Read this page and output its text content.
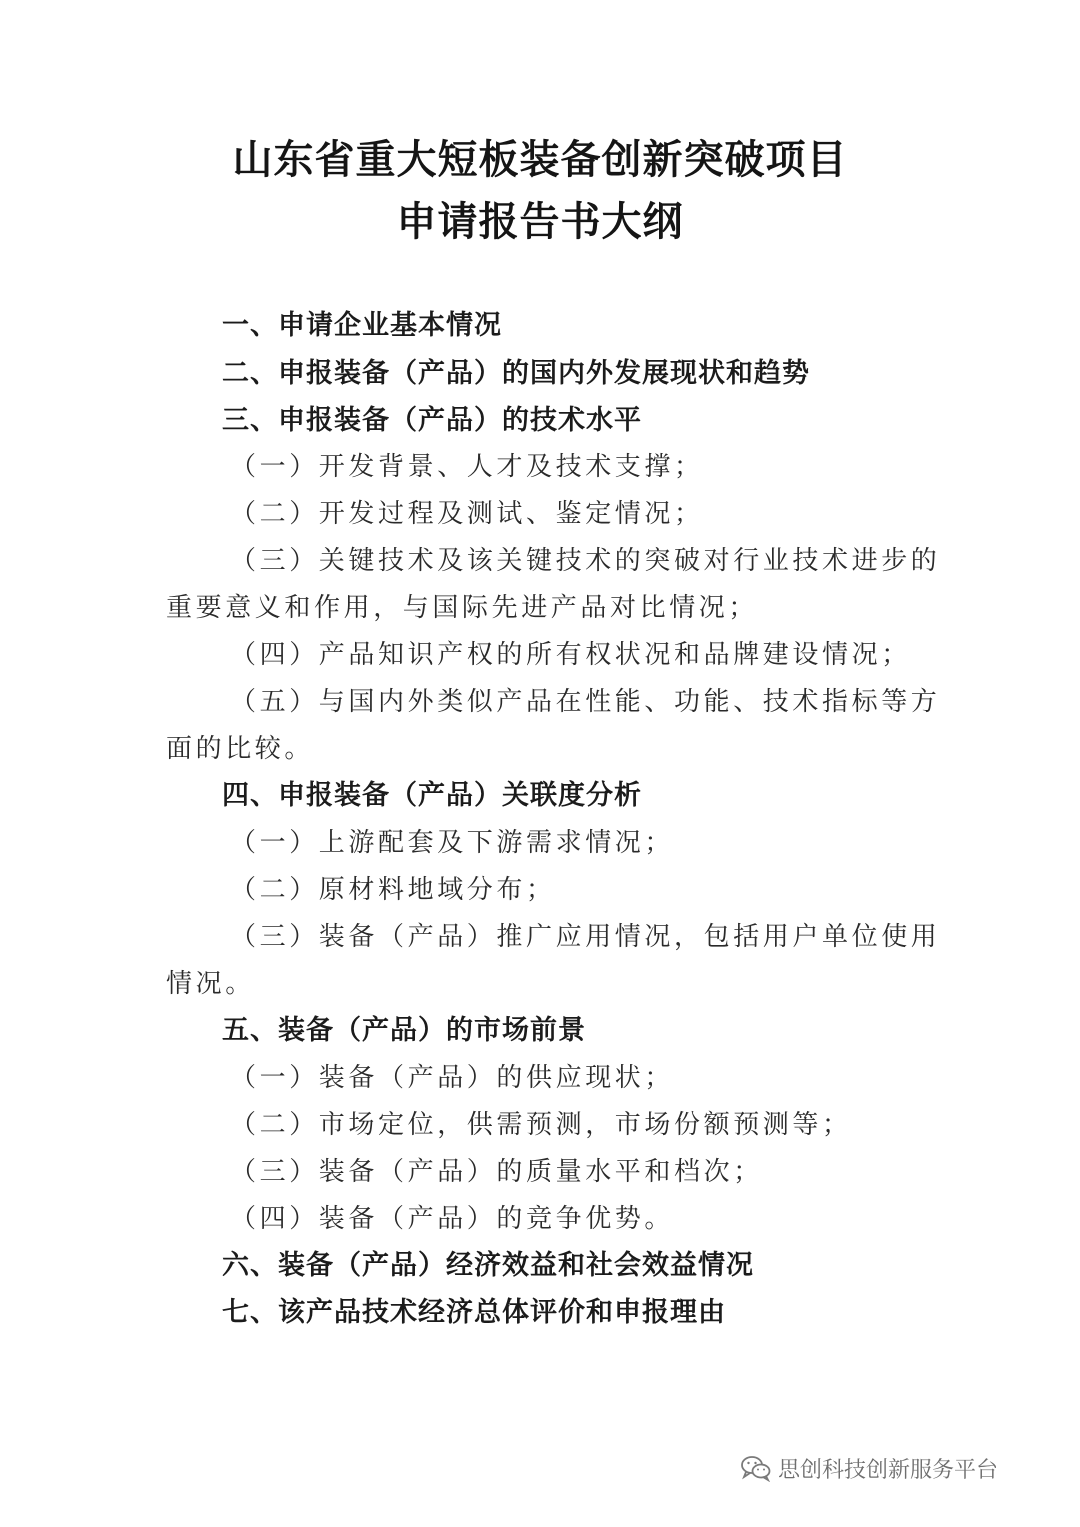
山东省重大短板装备创新突破项目
申请报告书大纲
一、申请企业基本情况
二、申报装备（产品）的国内外发展现状和趋势
三、申报装备（产品）的技术水平
（一）开发背景、人才及技术支撑；
（二）开发过程及测试、鉴定情况；
（三）关键技术及该关键技术的突破对行业技术进步的
重要意义和作用，与国际先进产品对比情况；
（四）产品知识产权的所有权状况和品牌建设情况；
（五）与国内外类似产品在性能、功能、技术指标等方
面的比较。
四、申报装备（产品）关联度分析
（一）上游配套及下游需求情况；
（二）原材料地域分布；
（三）装备（产品）推广应用情况，包括用户单位使用
情况。
五、装备（产品）的市场前景
（一）装备（产品）的供应现状；
（二）市场定位，供需预测，市场份额预测等；
（三）装备（产品）的质量水平和档次；
（四）装备（产品）的竞争优势。
六、装备（产品）经济效益和社会效益情况
七、该产品技术经济总体评价和申报理由
思创科技创新服务平台
